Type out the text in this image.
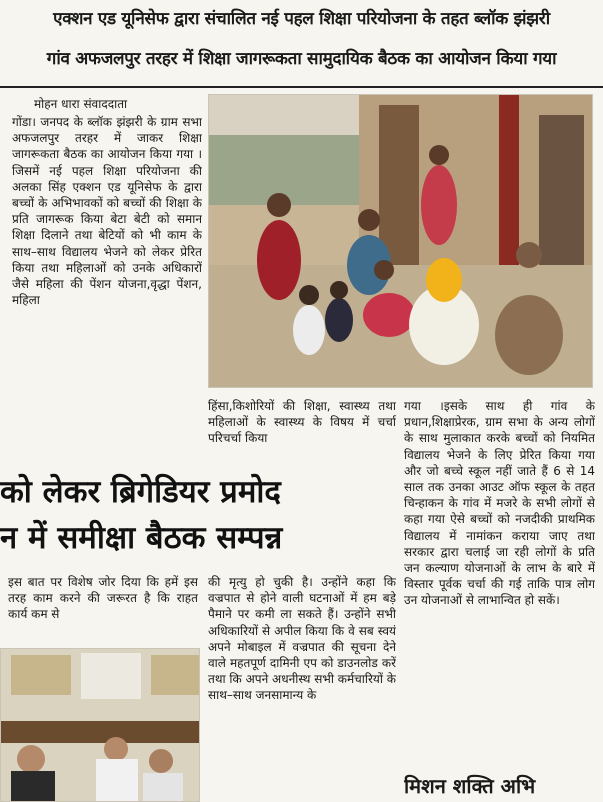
एक्शन एड यूनिसेफ द्वारा संचालित नई पहल शिक्षा परियोजना के तहत ब्लॉक झंझरी
गांव अफजलपुर तरहर में शिक्षा जागरूकता सामुदायिक बैठक का आयोजन किया गया
मोहन धारा संवाददाता
गोंडा। जनपद के ब्लॉक झंझरी के ग्राम सभा अफजलपुर तरहर में जाकर शिक्षा जागरूकता बैठक का आयोजन किया गया । जिसमें नई पहल शिक्षा परियोजना की अलका सिंह एक्शन एड यूनिसेफ के द्वारा बच्चों के अभिभावकों को बच्चों की शिक्षा के प्रति जागरूक किया बेटा बेटी को समान शिक्षा दिलाने तथा बेटियों को भी काम के साथ–साथ विद्यालय भेजने को लेकर प्रेरित किया तथा महिलाओं को उनके अधिकारों जैसे महिला की पेंशन योजना,वृद्धा पेंशन, महिला
हिंसा,किशोरियों की शिक्षा, स्वास्थ्य तथा महिलाओं के स्वास्थ्य के विषय में चर्चा परिचर्चा किया
गया ।इसके साथ ही गांव के प्रधान,शिक्षाप्रेरक, ग्राम सभा के अन्य लोगों के साथ मुलाकात करके बच्चों को नियमित विद्यालय भेजने के लिए प्रेरित किया गया और जो बच्चे स्कूल नहीं जाते हैं 6 से 14 साल तक उनका आउट ऑफ स्कूल के तहत चिन्हाकन के गांव में मजरे के सभी लोगों से कहा गया ऐसे बच्चों को नजदीकी प्राथमिक विद्यालय में नामांकन कराया जाए तथा सरकार द्वारा चलाई जा रही लोगों के प्रति जन कल्याण योजनाओं के लाभ के बारे में विस्तार पूर्वक चर्चा की गई ताकि पात्र लोग उन योजनाओं से लाभान्वित हो सकें।
को लेकर ब्रिगेडियर प्रमोद
न में समीक्षा बैठक सम्पन्न
इस बात पर विशेष जोर दिया कि हमें इस तरह काम करने की जरूरत है कि राहत कार्य कम से
की मृत्यु हो चुकी है। उन्होंने कहा कि वज्रपात से होने वाली घटनाओं में हम बड़े पैमाने पर कमी ला सकते हैं। उन्होंने सभी अधिकारियों से अपील किया कि वे सब स्वयं अपने मोबाइल में वज्रपात की सूचना देने वाले महतपूर्ण दामिनी एप को डाउनलोड करें तथा कि अपने अधनीस्थ सभी कर्मचारियों के साथ–साथ जनसामान्य के
मिशन शक्ति अभि
